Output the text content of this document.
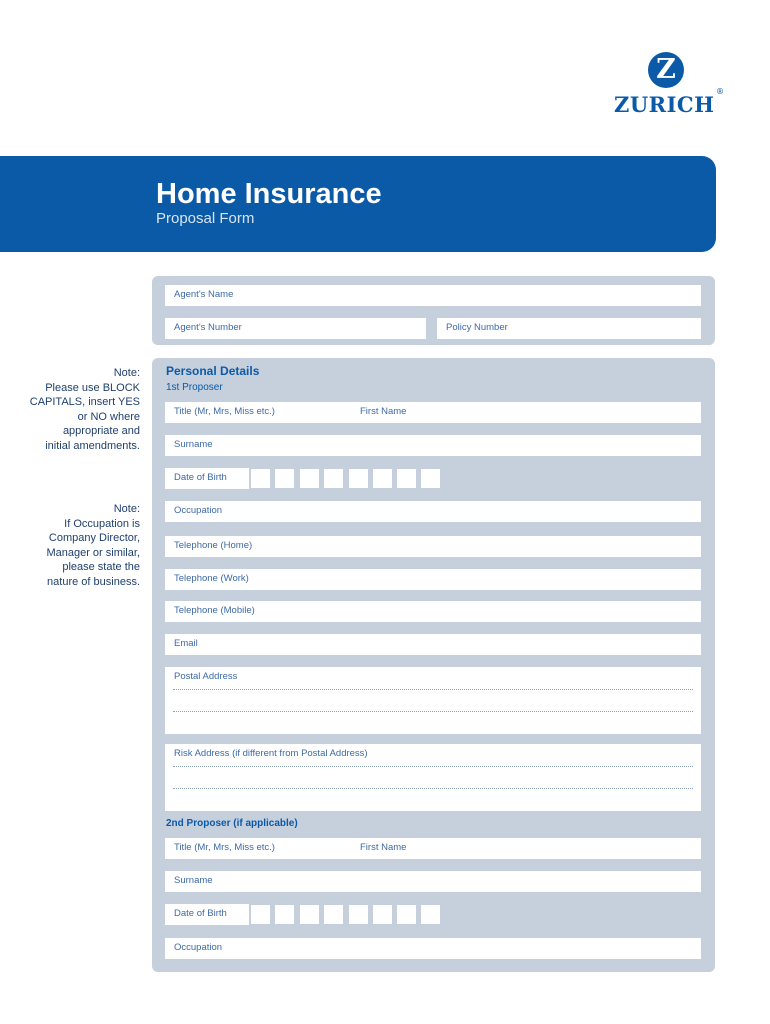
Z
ZURICH
®
Home Insurance
Proposal Form
Agent's Name
Agent's Number	Policy Number

Note:

Please use BLOCK

CAPITALS, insert YES

or NO where

appropriate and

initial amendments.

Note:

If Occupation is

Company Director,

Manager or similar,

please state the

nature of business.

Personal Details
1st Proposer
Title (Mr, Mrs, Miss etc.)	First Name
Surname
Date of Birth
Occupation
Telephone (Home)
Telephone (Work)
Telephone (Mobile)
Email
Postal Address
Risk Address (if different from Postal Address)
2nd Proposer (if applicable)
Title (Mr, Mrs, Miss etc.)	First Name
Surname
Date of Birth
Occupation
